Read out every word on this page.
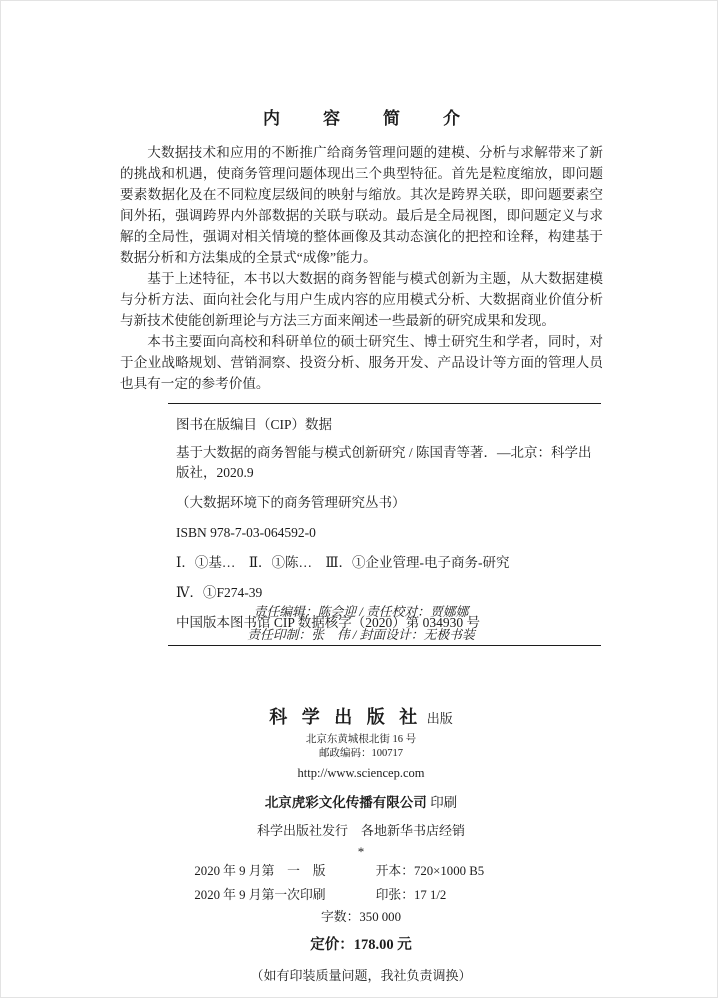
内　容　简　介

大数据技术和应用的不断推广给商务管理问题的建模、分析与求解带来了新的挑战和机遇，使商务管理问题体现出三个典型特征。首先是粒度缩放，即问题要素数据化及在不同粒度层级间的映射与缩放。其次是跨界关联，即问题要素空间外拓，强调跨界内外部数据的关联与联动。最后是全局视图，即问题定义与求解的全局性，强调对相关情境的整体画像及其动态演化的把控和诠释，构建基于数据分析和方法集成的全景式“成像”能力。

基于上述特征，本书以大数据的商务智能与模式创新为主题，从大数据建模与分析方法、面向社会化与用户生成内容的应用模式分析、大数据商业价值分析与新技术使能创新理论与方法三方面来阐述一些最新的研究成果和发现。

本书主要面向高校和科研单位的硕士研究生、博士研究生和学者，同时，对于企业战略规划、营销洞察、投资分析、服务开发、产品设计等方面的管理人员也具有一定的参考价值。

图书在版编目（CIP）数据
基于大数据的商务智能与模式创新研究 / 陈国青等著．—北京：科学出版社，2020.9
（大数据环境下的商务管理研究丛书）
ISBN 978-7-03-064592-0
Ⅰ．①基…　Ⅱ．①陈…　Ⅲ．①企业管理-电子商务-研究
Ⅳ．①F274-39
中国版本图书馆 CIP 数据核字（2020）第 034930 号
责任编辑：陈会迎 / 责任校对：贾娜娜
责任印制：张　伟 / 封面设计：无极书装
科 学 出 版 社 出版
北京东黄城根北街 16 号
邮政编码：100717
http://www.sciencep.com
北京虎彩文化传播有限公司 印刷
科学出版社发行　各地新华书店经销
*
2020 年 9 月第　一　版	开本：720×1000 B5
2020 年 9 月第一次印刷	印张：17 1/2
字数：350 000
定价：178.00 元
（如有印装质量问题，我社负责调换）
